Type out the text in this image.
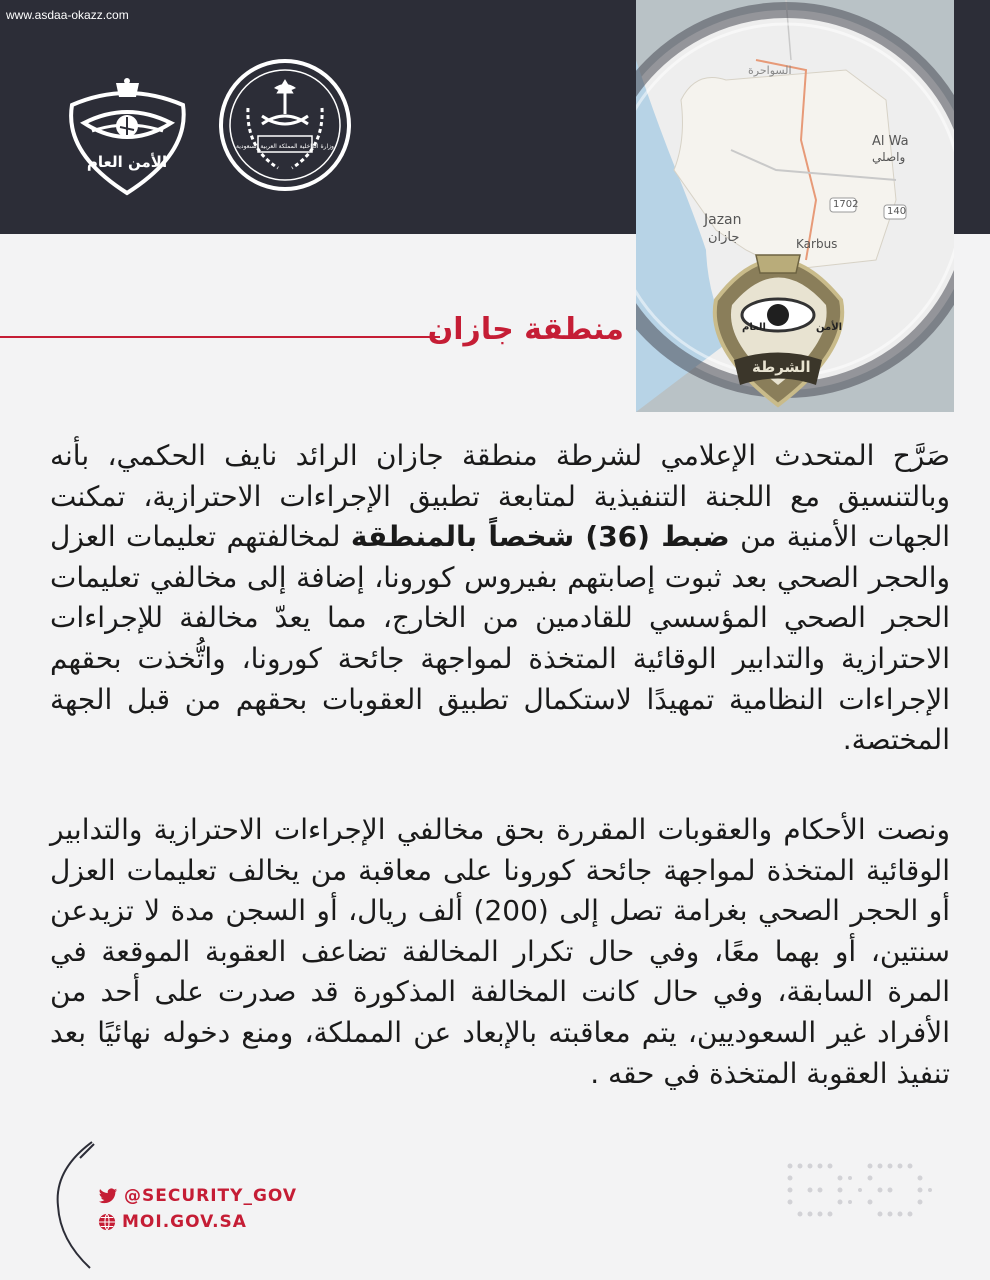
www.asdaa-okazz.com
الأمن العام
وزارة الداخلية المملكة العربية السعودية
السواحرة
Al Wa
واصلي
1702
140
Jazan
جازان	Karbus
الأمن
العام
الشرطة
منطقة جازان
صَرَّح المتحدث الإعلامي لشرطة منطقة جازان الرائد نايف الحكمي، بأنه وبالتنسيق مع اللجنة التنفيذية لمتابعة تطبيق الإجراءات الاحترازية، تمكنت الجهات الأمنية من ضبط (36) شخصاً بالمنطقة لمخالفتهم تعليمات العزل والحجر الصحي بعد ثبوت إصابتهم بفيروس كورونا، إضافة إلى مخالفي تعليمات الحجر الصحي المؤسسي للقادمين من الخارج، مما يعدّ مخالفة للإجراءات الاحترازية والتدابير الوقائية المتخذة لمواجهة جائحة كورونا، واتُّخذت بحقهم الإجراءات النظامية تمهيدًا لاستكمال تطبيق العقوبات بحقهم من قبل الجهة المختصة.
ونصت الأحكام والعقوبات المقررة بحق مخالفي الإجراءات الاحترازية والتدابير الوقائية المتخذة لمواجهة جائحة كورونا على معاقبة من يخالف تعليمات العزل أو الحجر الصحي بغرامة تصل إلى (200) ألف ريال، أو السجن مدة لا تزيدعن سنتين، أو بهما معًا، وفي حال تكرار المخالفة تضاعف العقوبة الموقعة في المرة السابقة، وفي حال كانت المخالفة المذكورة قد صدرت على أحد من الأفراد غير السعوديين، يتم معاقبته بالإبعاد عن المملكة، ومنع دخوله نهائيًا بعد تنفيذ العقوبة المتخذة في حقه .
@SECURITY_GOV
MOI.GOV.SA
